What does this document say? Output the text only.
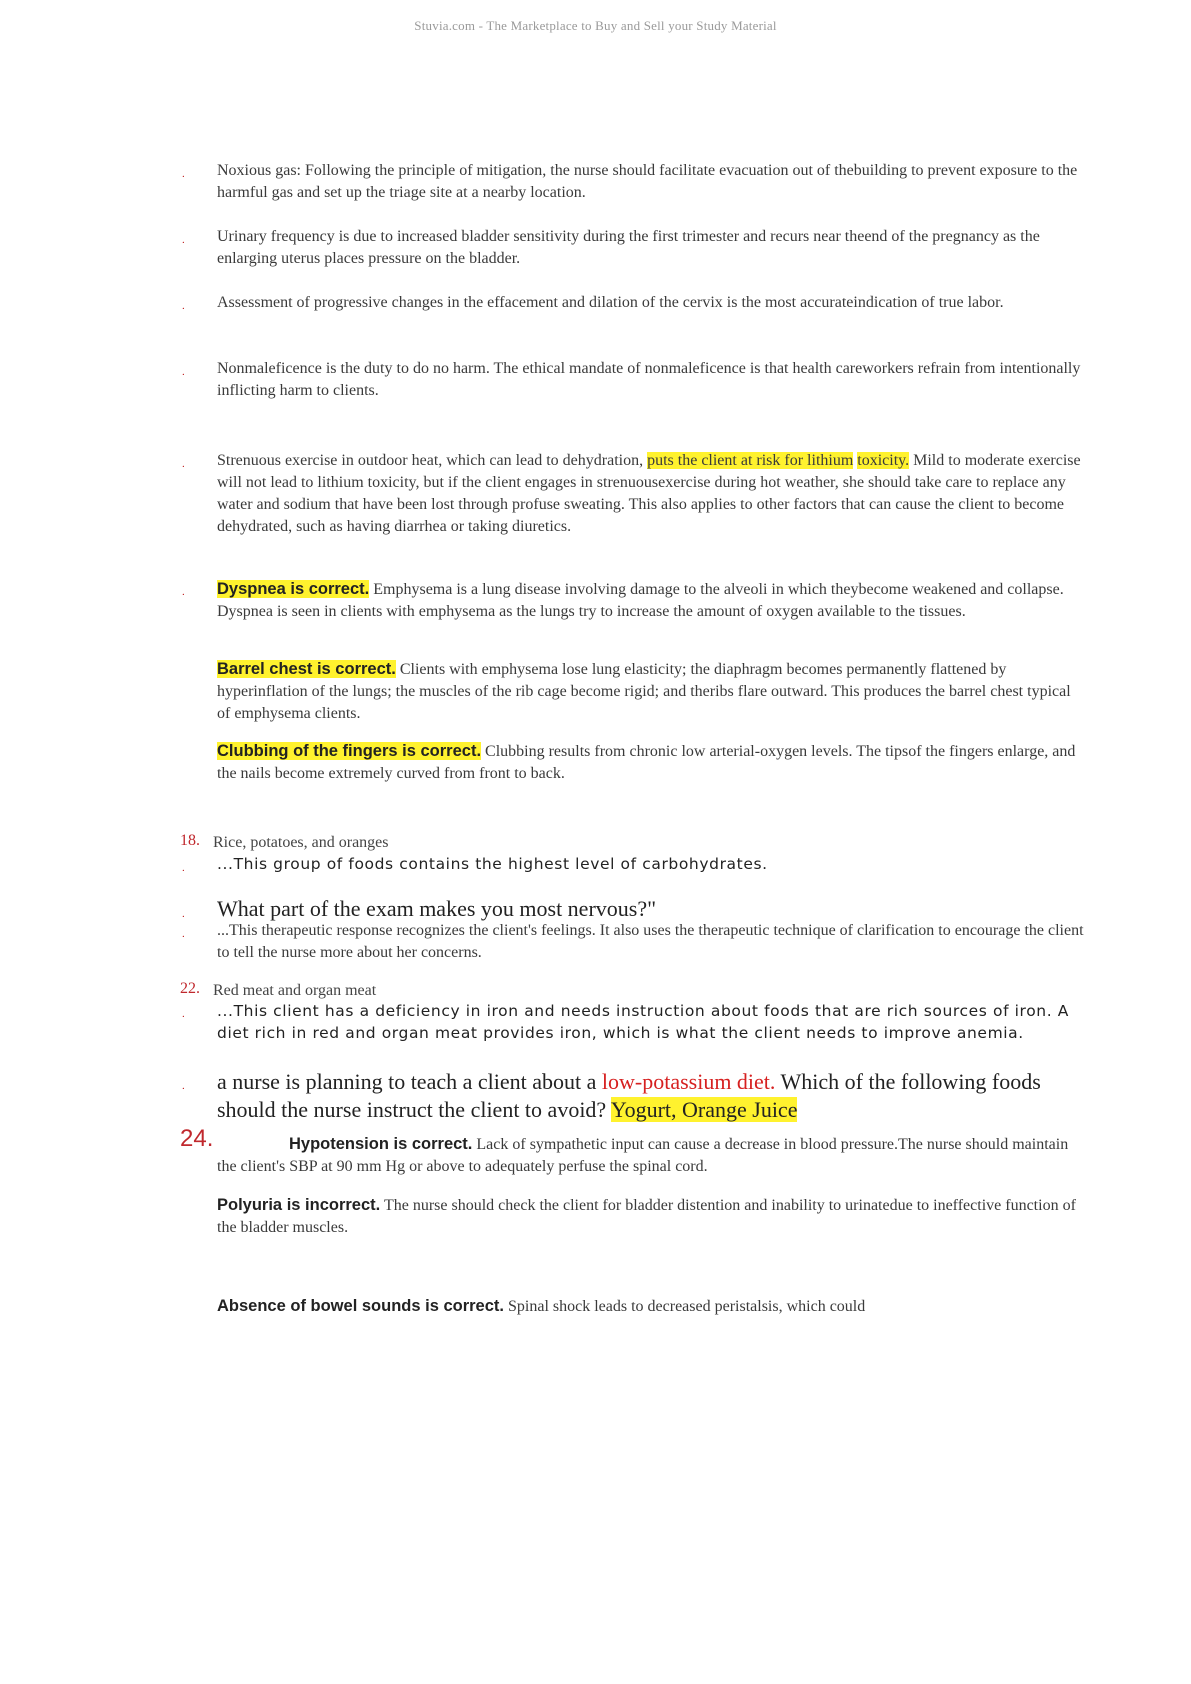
Stuvia.com - The Marketplace to Buy and Sell your Study Material
. Noxious gas: Following the principle of mitigation, the nurse should facilitate evacuation out of thebuilding to prevent exposure to the harmful gas and set up the triage site at a nearby location.
. Urinary frequency is due to increased bladder sensitivity during the first trimester and recurs near theend of the pregnancy as the enlarging uterus places pressure on the bladder.
. Assessment of progressive changes in the effacement and dilation of the cervix is the most accurateindication of true labor.
. Nonmaleficence is the duty to do no harm. The ethical mandate of nonmaleficence is that health careworkers refrain from intentionally inflicting harm to clients.
. Strenuous exercise in outdoor heat, which can lead to dehydration, puts the client at risk for lithium toxicity. Mild to moderate exercise will not lead to lithium toxicity, but if the client engages in strenuousexercise during hot weather, she should take care to replace any water and sodium that have been lost through profuse sweating. This also applies to other factors that can cause the client to become dehydrated, such as having diarrhea or taking diuretics.
. Dyspnea is correct. Emphysema is a lung disease involving damage to the alveoli in which theybecome weakened and collapse. Dyspnea is seen in clients with emphysema as the lungs try to increase the amount of oxygen available to the tissues.
Barrel chest is correct. Clients with emphysema lose lung elasticity; the diaphragm becomes permanently flattened by hyperinflation of the lungs; the muscles of the rib cage become rigid; and theribs flare outward. This produces the barrel chest typical of emphysema clients.
Clubbing of the fingers is correct. Clubbing results from chronic low arterial-oxygen levels. The tipsof the fingers enlarge, and the nails become extremely curved from front to back.
18. Rice, potatoes, and oranges
. ...This group of foods contains the highest level of carbohydrates.
. What part of the exam makes you most nervous?"
. ...This therapeutic response recognizes the client's feelings. It also uses the therapeutic technique of clarification to encourage the client to tell the nurse more about her concerns.
22. Red meat and organ meat
. ...This client has a deficiency in iron and needs instruction about foods that are rich sources of iron. A diet rich in red and organ meat provides iron, which is what the client needs to improve anemia.
. a nurse is planning to teach a client about a low-potassium diet. Which of the following foods should the nurse instruct the client to avoid? Yogurt, Orange Juice
24.	Hypotension is correct. Lack of sympathetic input can cause a decrease in blood pressure.The nurse should maintain the client's SBP at 90 mm Hg or above to adequately perfuse the spinal cord.
Polyuria is incorrect. The nurse should check the client for bladder distention and inability to urinatedue to ineffective function of the bladder muscles.
Absence of bowel sounds is correct. Spinal shock leads to decreased peristalsis, which could
